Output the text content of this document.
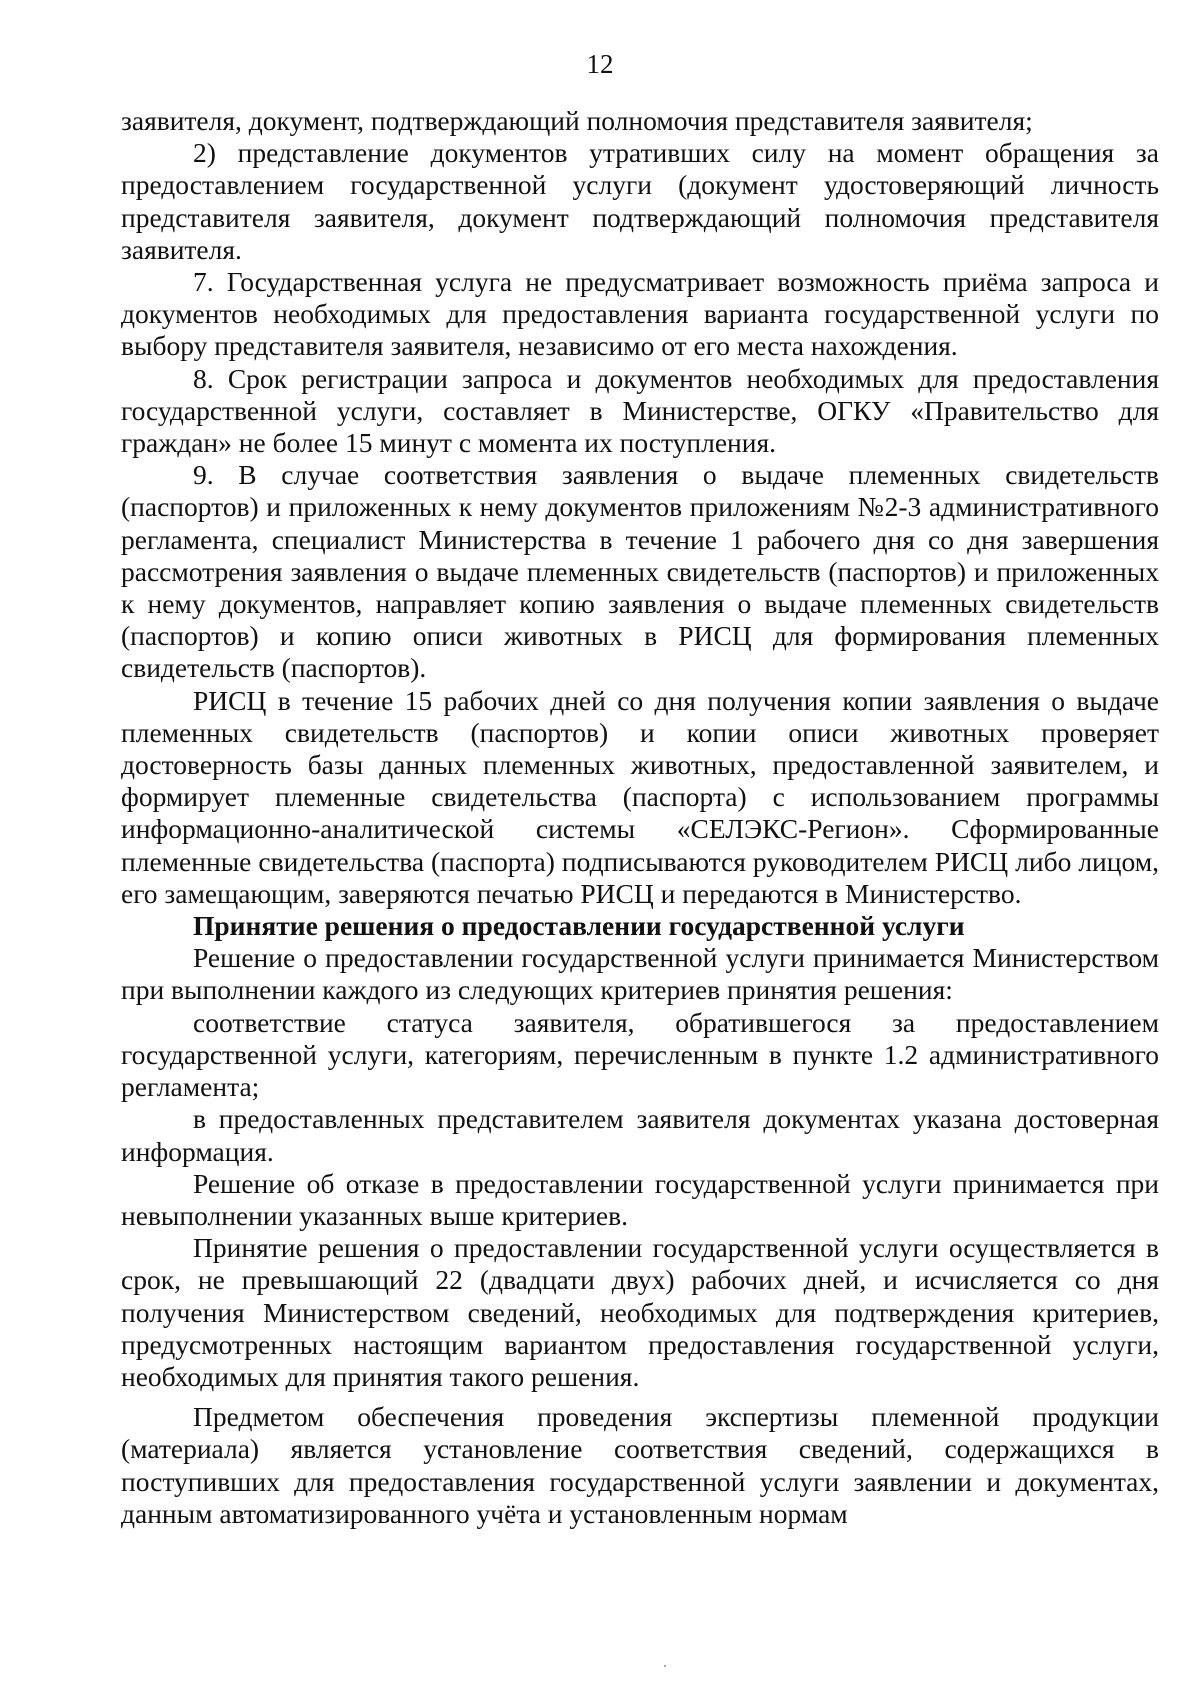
12

заявителя, документ, подтверждающий полномочия представителя заявителя;

2) представление документов утративших силу на момент обращения за предоставлением государственной услуги (документ удостоверяющий личность представителя заявителя, документ подтверждающий полномочия представителя заявителя.

7. Государственная услуга не предусматривает возможность приёма запроса и документов необходимых для предоставления варианта государственной услуги по выбору представителя заявителя, независимо от его места нахождения.

8. Срок регистрации запроса и документов необходимых для предоставления государственной услуги, составляет в Министерстве, ОГКУ «Правительство для граждан» не более 15 минут с момента их поступления.

9. В случае соответствия заявления о выдаче племенных свидетельств (паспортов) и приложенных к нему документов приложениям №2-3 административного регламента, специалист Министерства в течение 1 рабочего дня со дня завершения рассмотрения заявления о выдаче племенных свидетельств (паспортов) и приложенных к нему документов, направляет копию заявления о выдаче племенных свидетельств (паспортов) и копию описи животных в РИСЦ для формирования племенных свидетельств (паспортов).

РИСЦ в течение 15 рабочих дней со дня получения копии заявления о выдаче племенных свидетельств (паспортов) и копии описи животных проверяет достоверность базы данных племенных животных, предоставленной заявителем, и формирует племенные свидетельства (паспорта) с использованием программы информационно-аналитической системы «СЕЛЭКС-Регион». Сформированные племенные свидетельства (паспорта) подписываются руководителем РИСЦ либо лицом, его замещающим, заверяются печатью РИСЦ и передаются в Министерство.

Принятие решения о предоставлении государственной услуги

Решение о предоставлении государственной услуги принимается Министерством при выполнении каждого из следующих критериев принятия решения:

соответствие статуса заявителя, обратившегося за предоставлением государственной услуги, категориям, перечисленным в пункте 1.2 административного регламента;

в предоставленных представителем заявителя документах указана достоверная информация.

Решение об отказе в предоставлении государственной услуги принимается при невыполнении указанных выше критериев.

Принятие решения о предоставлении государственной услуги осуществляется в срок, не превышающий 22 (двадцати двух) рабочих дней, и исчисляется со дня получения Министерством сведений, необходимых для подтверждения критериев, предусмотренных настоящим вариантом предоставления государственной услуги, необходимых для принятия такого решения.

Предметом обеспечения проведения экспертизы племенной продукции (материала) является установление соответствия сведений, содержащихся в поступивших для предоставления государственной услуги заявлении и документах, данным автоматизированного учёта и установленным нормам
